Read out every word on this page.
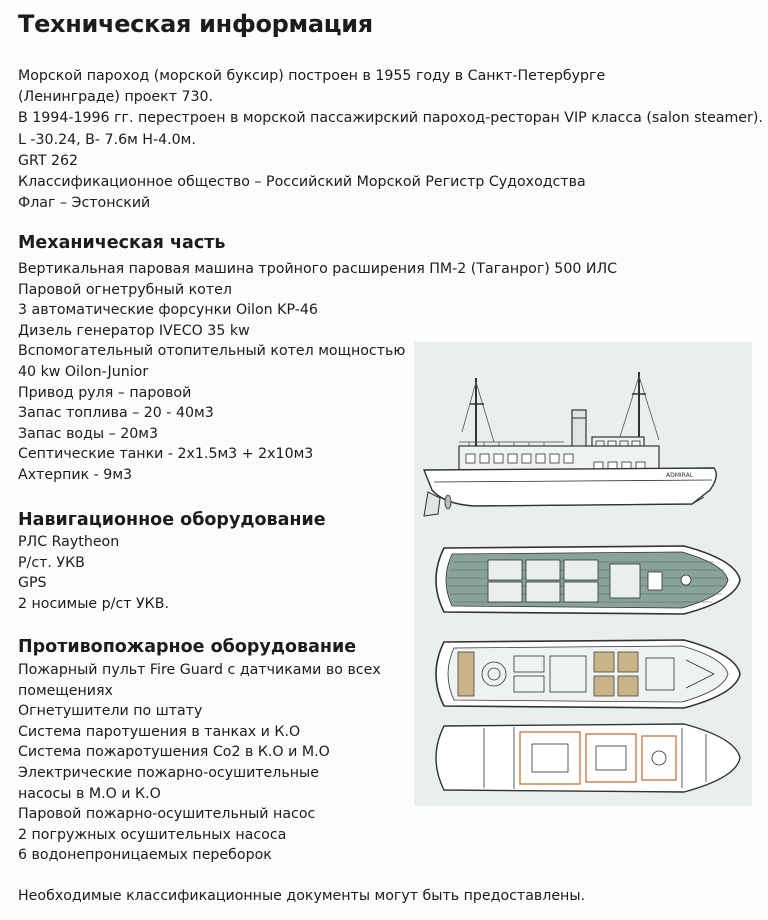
Техническая информация
Морской пароход (морской буксир) построен в 1955 году в Санкт-Петербурге
(Ленинграде) проект 730.
В 1994-1996 гг. перестроен в морской пассажирский пароход-ресторан VIP класса (salon steamer).
L -30.24, B- 7.6м H-4.0м.
GRT 262
Классификационное общество – Российский Морской Регистр Судоходства
Флаг – Эстонский
Механическая часть
Вертикальная паровая машина тройного расширения ПМ-2 (Таганрог) 500 ИЛС
Паровой огнетрубный котел
3 автоматические форсунки Oilon KP-46
Дизель генератор IVECO 35 kw
Вспомогательный отопительный котел мощностью
40 kw Oilon-Junior
Привод руля – паровой
Запас топлива – 20 - 40м3
Запас воды – 20м3
Септические танки - 2x1.5м3 + 2x10м3
Ахтерпик - 9м3
Навигационное оборудование
РЛС Raytheon
Р/ст. УКВ
GPS
2 носимые р/ст УКВ.
Противопожарное оборудование
Пожарный пульт Fire Guard с датчиками во всех
помещениях
Огнетушители по штату
Система паротушения в танках и К.О
Система пожаротушения Co2 в К.О и М.О
Электрические пожарно-осушительные
насосы в М.О и К.О
Паровой пожарно-осушительный насос
2 погружных осушительных насоса
6 водонепроницаемых переборок
Необходимые классификационные документы могут быть предоставлены.
ADMIRAL
